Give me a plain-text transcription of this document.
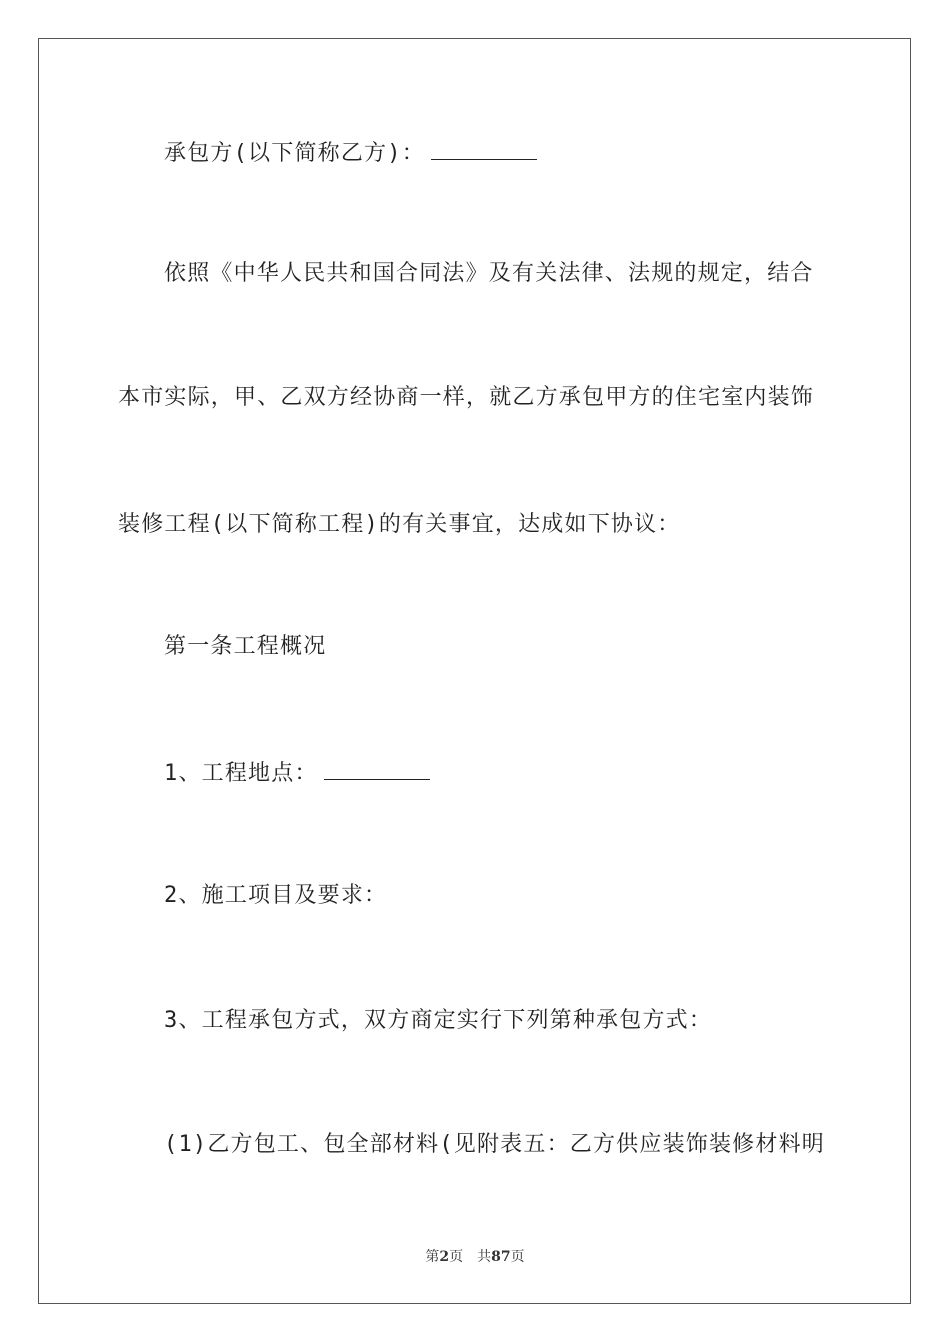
承包方(以下简称乙方)：
依照《中华人民共和国合同法》及有关法律、法规的规定，结合
本市实际，甲、乙双方经协商一样，就乙方承包甲方的住宅室内装饰
装修工程(以下简称工程)的有关事宜，达成如下协议：
第一条工程概况
1、工程地点：
2、施工项目及要求：
3、工程承包方式，双方商定实行下列第种承包方式：
(1)乙方包工、包全部材料(见附表五：乙方供应装饰装修材料明
第2页 共87页
